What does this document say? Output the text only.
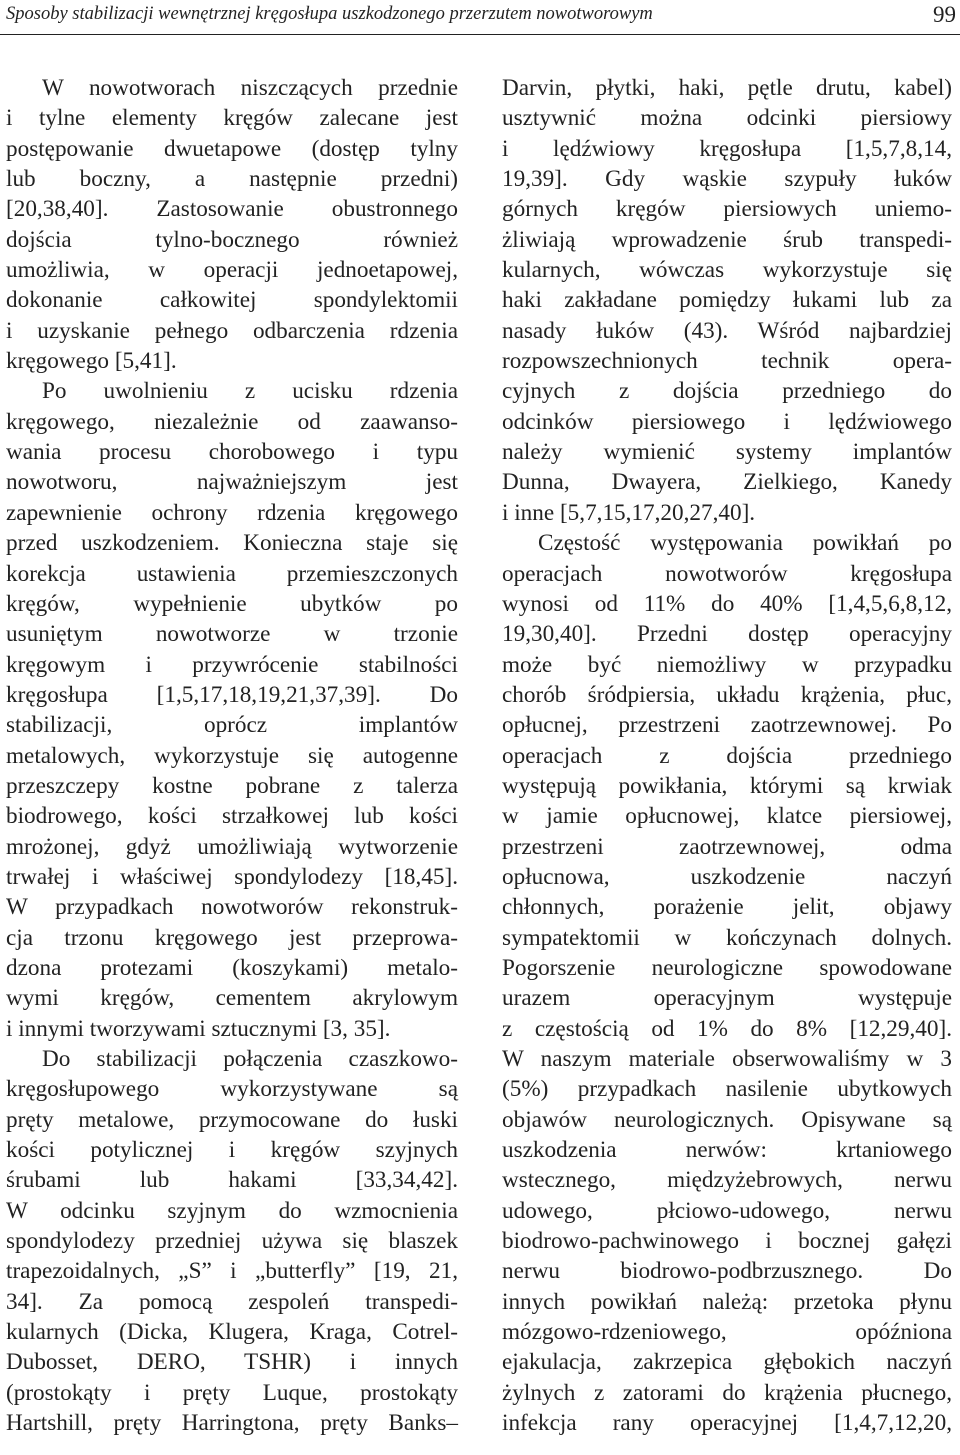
Sposoby stabilizacji wewnętrznej kręgosłupa uszkodzonego przerzutem nowotworowym	99
W nowotworach niszczących przednie
i tylne elementy kręgów zalecane jest
postępowanie dwuetapowe (dostęp tylny
lub boczny, a następnie przedni)
[20,38,40]. Zastosowanie obustronnego
dojścia tylno-bocznego również
umożliwia, w operacji jednoetapowej,
dokonanie całkowitej spondylektomii
i uzyskanie pełnego odbarczenia rdzenia
kręgowego [5,41].
Po uwolnieniu z ucisku rdzenia
kręgowego, niezależnie od zaawanso-
wania procesu chorobowego i typu
nowotworu, najważniejszym jest
zapewnienie ochrony rdzenia kręgowego
przed uszkodzeniem. Konieczna staje się
korekcja ustawienia przemieszczonych
kręgów, wypełnienie ubytków po
usuniętym nowotworze w trzonie
kręgowym i przywrócenie stabilności
kręgosłupa [1,5,17,18,19,21,37,39]. Do
stabilizacji, oprócz implantów
metalowych, wykorzystuje się autogenne
przeszczepy kostne pobrane z talerza
biodrowego, kości strzałkowej lub kości
mrożonej, gdyż umożliwiają wytworzenie
trwałej i właściwej spondylodezy [18,45].
W przypadkach nowotworów rekonstruk-
cja trzonu kręgowego jest przeprowa-
dzona protezami (koszykami) metalo-
wymi kręgów, cementem akrylowym
i innymi tworzywami sztucznymi [3, 35].
Do stabilizacji połączenia czaszkowo-
kręgosłupowego wykorzystywane są
pręty metalowe, przymocowane do łuski
kości potylicznej i kręgów szyjnych
śrubami lub hakami [33,34,42].
W odcinku szyjnym do wzmocnienia
spondylodezy przedniej używa się blaszek
trapezoidalnych, „S” i „butterfly” [19, 21,
34]. Za pomocą zespoleń transpedi-
kularnych (Dicka, Klugera, Kraga, Cotrel-
Dubosset, DERO, TSHR) i innych
(prostokąty i pręty Luque, prostokąty
Hartshill, pręty Harringtona, pręty Banks–
Darvin, płytki, haki, pętle drutu, kabel)
usztywnić można odcinki piersiowy
i lędźwiowy kręgosłupa [1,5,7,8,14,
19,39]. Gdy wąskie szypuły łuków
górnych kręgów piersiowych uniemo-
żliwiają wprowadzenie śrub transpedi-
kularnych, wówczas wykorzystuje się
haki zakładane pomiędzy łukami lub za
nasady łuków (43). Wśród najbardziej
rozpowszechnionych technik opera-
cyjnych z dojścia przedniego do
odcinków piersiowego i lędźwiowego
należy wymienić systemy implantów
Dunna, Dwayera, Zielkiego, Kanedy
i inne [5,7,15,17,20,27,40].
Częstość występowania powikłań po
operacjach nowotworów kręgosłupa
wynosi od 11% do 40% [1,4,5,6,8,12,
19,30,40]. Przedni dostęp operacyjny
może być niemożliwy w przypadku
chorób śródpiersia, układu krążenia, płuc,
opłucnej, przestrzeni zaotrzewnowej. Po
operacjach z dojścia przedniego
występują powikłania, którymi są krwiak
w jamie opłucnowej, klatce piersiowej,
przestrzeni zaotrzewnowej, odma
opłucnowa, uszkodzenie naczyń
chłonnych, porażenie jelit, objawy
sympatektomii w kończynach dolnych.
Pogorszenie neurologiczne spowodowane
urazem operacyjnym występuje
z częstością od 1% do 8% [12,29,40].
W naszym materiale obserwowaliśmy w 3
(5%) przypadkach nasilenie ubytkowych
objawów neurologicznych. Opisywane są
uszkodzenia nerwów: krtaniowego
wstecznego, międzyżebrowych, nerwu
udowego, płciowo-udowego, nerwu
biodrowo-pachwinowego i bocznej gałęzi
nerwu biodrowo-podbrzusznego. Do
innych powikłań należą: przetoka płynu
mózgowo-rdzeniowego, opóźniona
ejakulacja, zakrzepica głębokich naczyń
żylnych z zatorami do krążenia płucnego,
infekcja rany operacyjnej [1,4,7,12,20,
